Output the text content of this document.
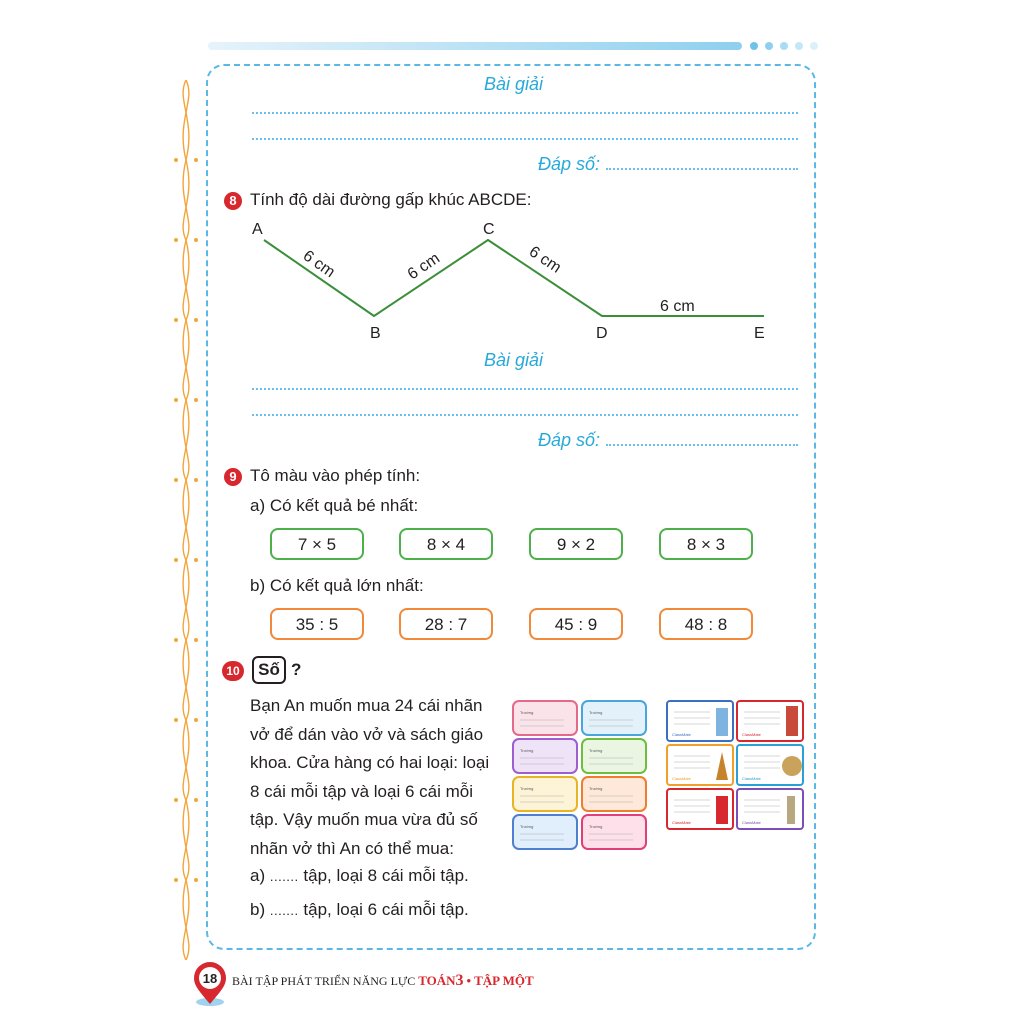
Bài giải
Đáp số:
8 Tính độ dài đường gấp khúc ABCDE:
A
B
C
D	E
6 cm	6 cm	6 cm
6 cm
Bài giải
Đáp số:
9 Tô màu vào phép tính:
a) Có kết quả bé nhất:
7 × 5	8 × 4	9 × 2	8 × 3
b) Có kết quả lớn nhất:
35 : 5	28 : 7	45 : 9	48 : 8
10	Số ?
Bạn An muốn mua 24 cái nhãn
vở để dán vào vở và sách giáo
khoa. Cửa hàng có hai loại: loại
8 cái mỗi tập và loại 6 cái mỗi
tập. Vậy muốn mua vừa đủ số
nhãn vở thì An có thể mua:
a) ....... tập, loại 8 cái mỗi tập.
b) ....... tập, loại 6 cái mỗi tập.
Trường	Trường
Trường	Trường
Trường	Trường
Trường	Trường
ClassMate	ClassMate
ClassMate	ClassMate
ClassMate	ClassMate
18 BÀI TẬP PHÁT TRIỂN NĂNG LỰC TOÁN3 • TẬP MỘT
